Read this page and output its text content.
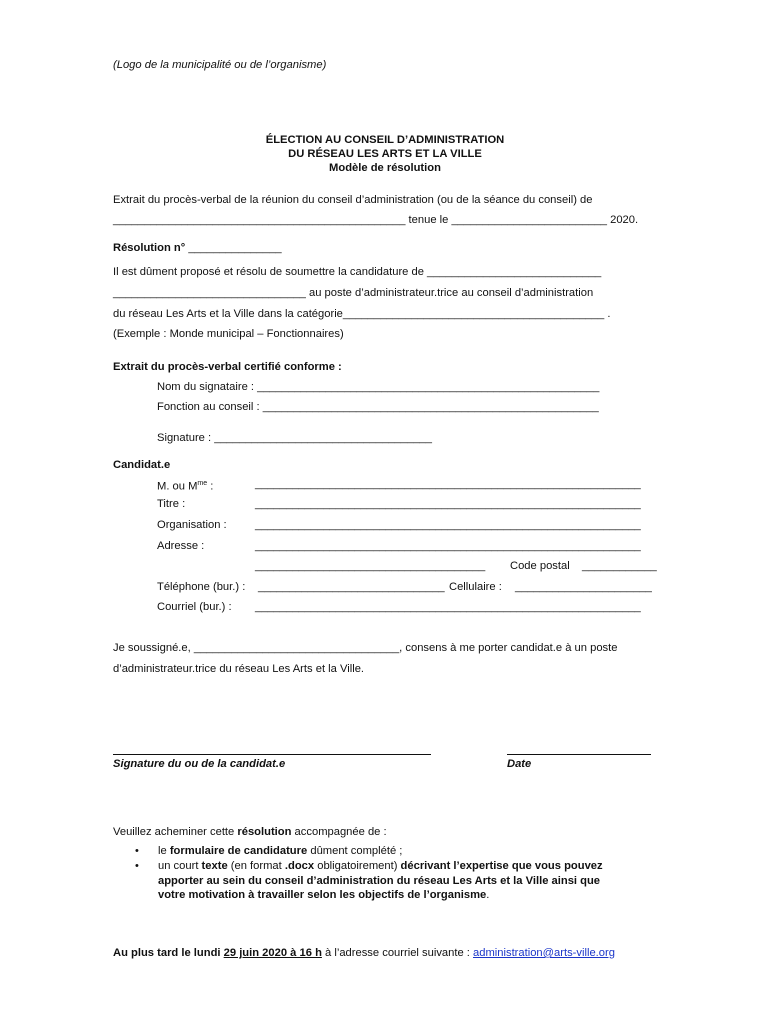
(Logo de la municipalité ou de l’organisme)
ÉLECTION AU CONSEIL D’ADMINISTRATION
DU RÉSEAU LES ARTS ET LA VILLE
Modèle de résolution
Extrait du procès-verbal de la réunion du conseil d’administration (ou de la séance du conseil) de
_______________________________________________ tenue le _________________________ 2020.
Résolution n° _______________
Il est dûment proposé et résolu de soumettre la candidature de ____________________________
_______________________________ au poste d’administrateur.trice au conseil d’administration
du réseau Les Arts et la Ville dans la catégorie__________________________________________ .
(Exemple : Monde municipal – Fonctionnaires)
Extrait du procès-verbal certifié conforme :
Nom du signataire : _______________________________________________________
Fonction au conseil : ______________________________________________________
Signature : ___________________________________
Candidat.e
M. ou $M^{me}$ :	______________________________________________________________
Titre :	______________________________________________________________
Organisation :	______________________________________________________________
Adresse :	______________________________________________________________
_____________________________________ Code postal ____________
Téléphone (bur.) : ______________________________ Cellulaire : ______________________
Courriel (bur.) : ______________________________________________________________
Je soussigné.e, _________________________________, consens à me porter candidat.e à un poste
d’administrateur.trice du réseau Les Arts et la Ville.
Signature du ou de la candidat.e	Date
Veuillez acheminer cette résolution accompagnée de :
• le formulaire de candidature dûment complété ;
• un court texte (en format .docx obligatoirement) décrivant l’expertise que vous pouvez
apporter au sein du conseil d’administration du réseau Les Arts et la Ville ainsi que
votre motivation à travailler selon les objectifs de l’organisme.
Au plus tard le lundi 29 juin 2020 à 16 h à l’adresse courriel suivante : administration@arts-ville.org
